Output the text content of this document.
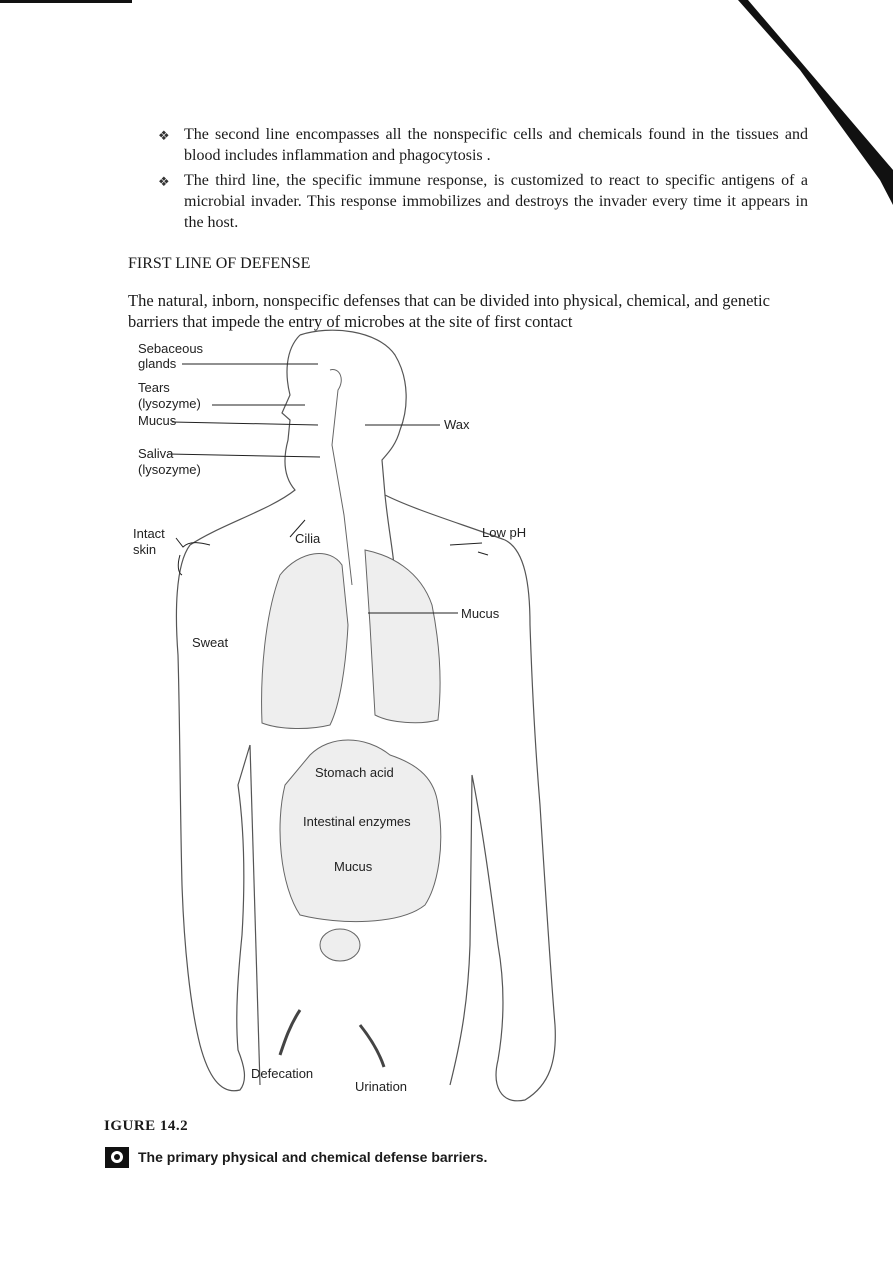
❖ The second line encompasses all the nonspecific cells and chemicals found in the tissues and blood includes inflammation and phagocytosis .
❖ The third line, the specific immune response, is customized to react to specific antigens of a microbial invader. This response immobilizes and destroys the invader every time it appears in the host.
FIRST LINE OF DEFENSE

The natural, inborn, nonspecific defenses that can be divided into physical, chemical, and genetic barriers that impede the entry of microbes at the site of first contact
Sebaceous
glands
Tears
(lysozyme)
Mucus
Saliva
(lysozyme)
Wax
Intact
skin
Cilia	Low pH
Mucus
Sweat
Stomach acid
Intestinal enzymes
Mucus
Defecation
Urination
IGURE 14.2
The primary physical and chemical defense barriers.
